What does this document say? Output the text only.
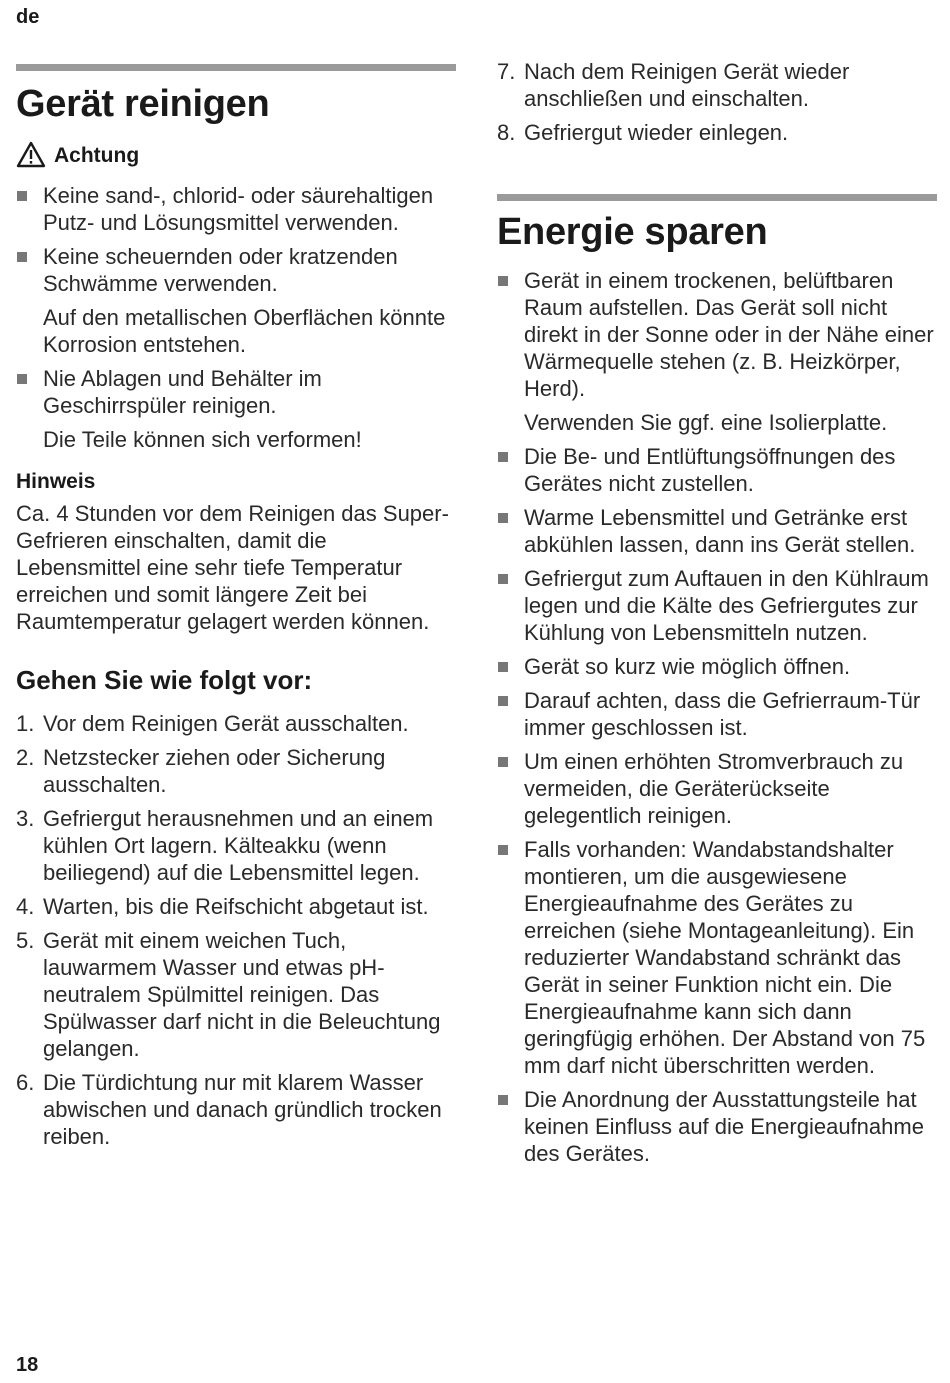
de
Gerät reinigen
Achtung
Keine sand-, chlorid- oder säurehaltigen Putz- und Lösungsmittel verwenden.
Keine scheuernden oder kratzenden Schwämme verwenden.
Auf den metallischen Oberflächen könnte Korrosion entstehen.
Nie Ablagen und Behälter im Geschirrspüler reinigen.
Die Teile können sich verformen!
Hinweis

Ca. 4 Stunden vor dem Reinigen das Super-Gefrieren einschalten, damit die Lebensmittel eine sehr tiefe Temperatur erreichen und somit längere Zeit bei Raumtemperatur gelagert werden können.

Gehen Sie wie folgt vor:
1. Vor dem Reinigen Gerät ausschalten.
2. Netzstecker ziehen oder Sicherung ausschalten.
3. Gefriergut herausnehmen und an einem kühlen Ort lagern. Kälteakku (wenn beiliegend) auf die Lebensmittel legen.
4. Warten, bis die Reifschicht abgetaut ist.
5. Gerät mit einem weichen Tuch, lauwarmem Wasser und etwas pH-neutralem Spülmittel reinigen. Das Spülwasser darf nicht in die Beleuchtung gelangen.
6. Die Türdichtung nur mit klarem Wasser abwischen und danach gründlich trocken reiben.
7. Nach dem Reinigen Gerät wieder anschließen und einschalten.
8. Gefriergut wieder einlegen.
Energie sparen
Gerät in einem trockenen, belüftbaren Raum aufstellen. Das Gerät soll nicht direkt in der Sonne oder in der Nähe einer Wärmequelle stehen (z. B. Heizkörper, Herd).
Verwenden Sie ggf. eine Isolierplatte.
Die Be- und Entlüftungsöffnungen des Gerätes nicht zustellen.
Warme Lebensmittel und Getränke erst abkühlen lassen, dann ins Gerät stellen.
Gefriergut zum Auftauen in den Kühlraum legen und die Kälte des Gefriergutes zur Kühlung von Lebensmitteln nutzen.
Gerät so kurz wie möglich öffnen.
Darauf achten, dass die Gefrierraum-Tür immer geschlossen ist.
Um einen erhöhten Stromverbrauch zu vermeiden, die Geräterückseite gelegentlich reinigen.
Falls vorhanden: Wandabstandshalter montieren, um die ausgewiesene Energieaufnahme des Gerätes zu erreichen (siehe Montageanleitung). Ein reduzierter Wandabstand schränkt das Gerät in seiner Funktion nicht ein. Die Energieaufnahme kann sich dann geringfügig erhöhen. Der Abstand von 75 mm darf nicht überschritten werden.
Die Anordnung der Ausstattungsteile hat keinen Einfluss auf die Energieaufnahme des Gerätes.
18
